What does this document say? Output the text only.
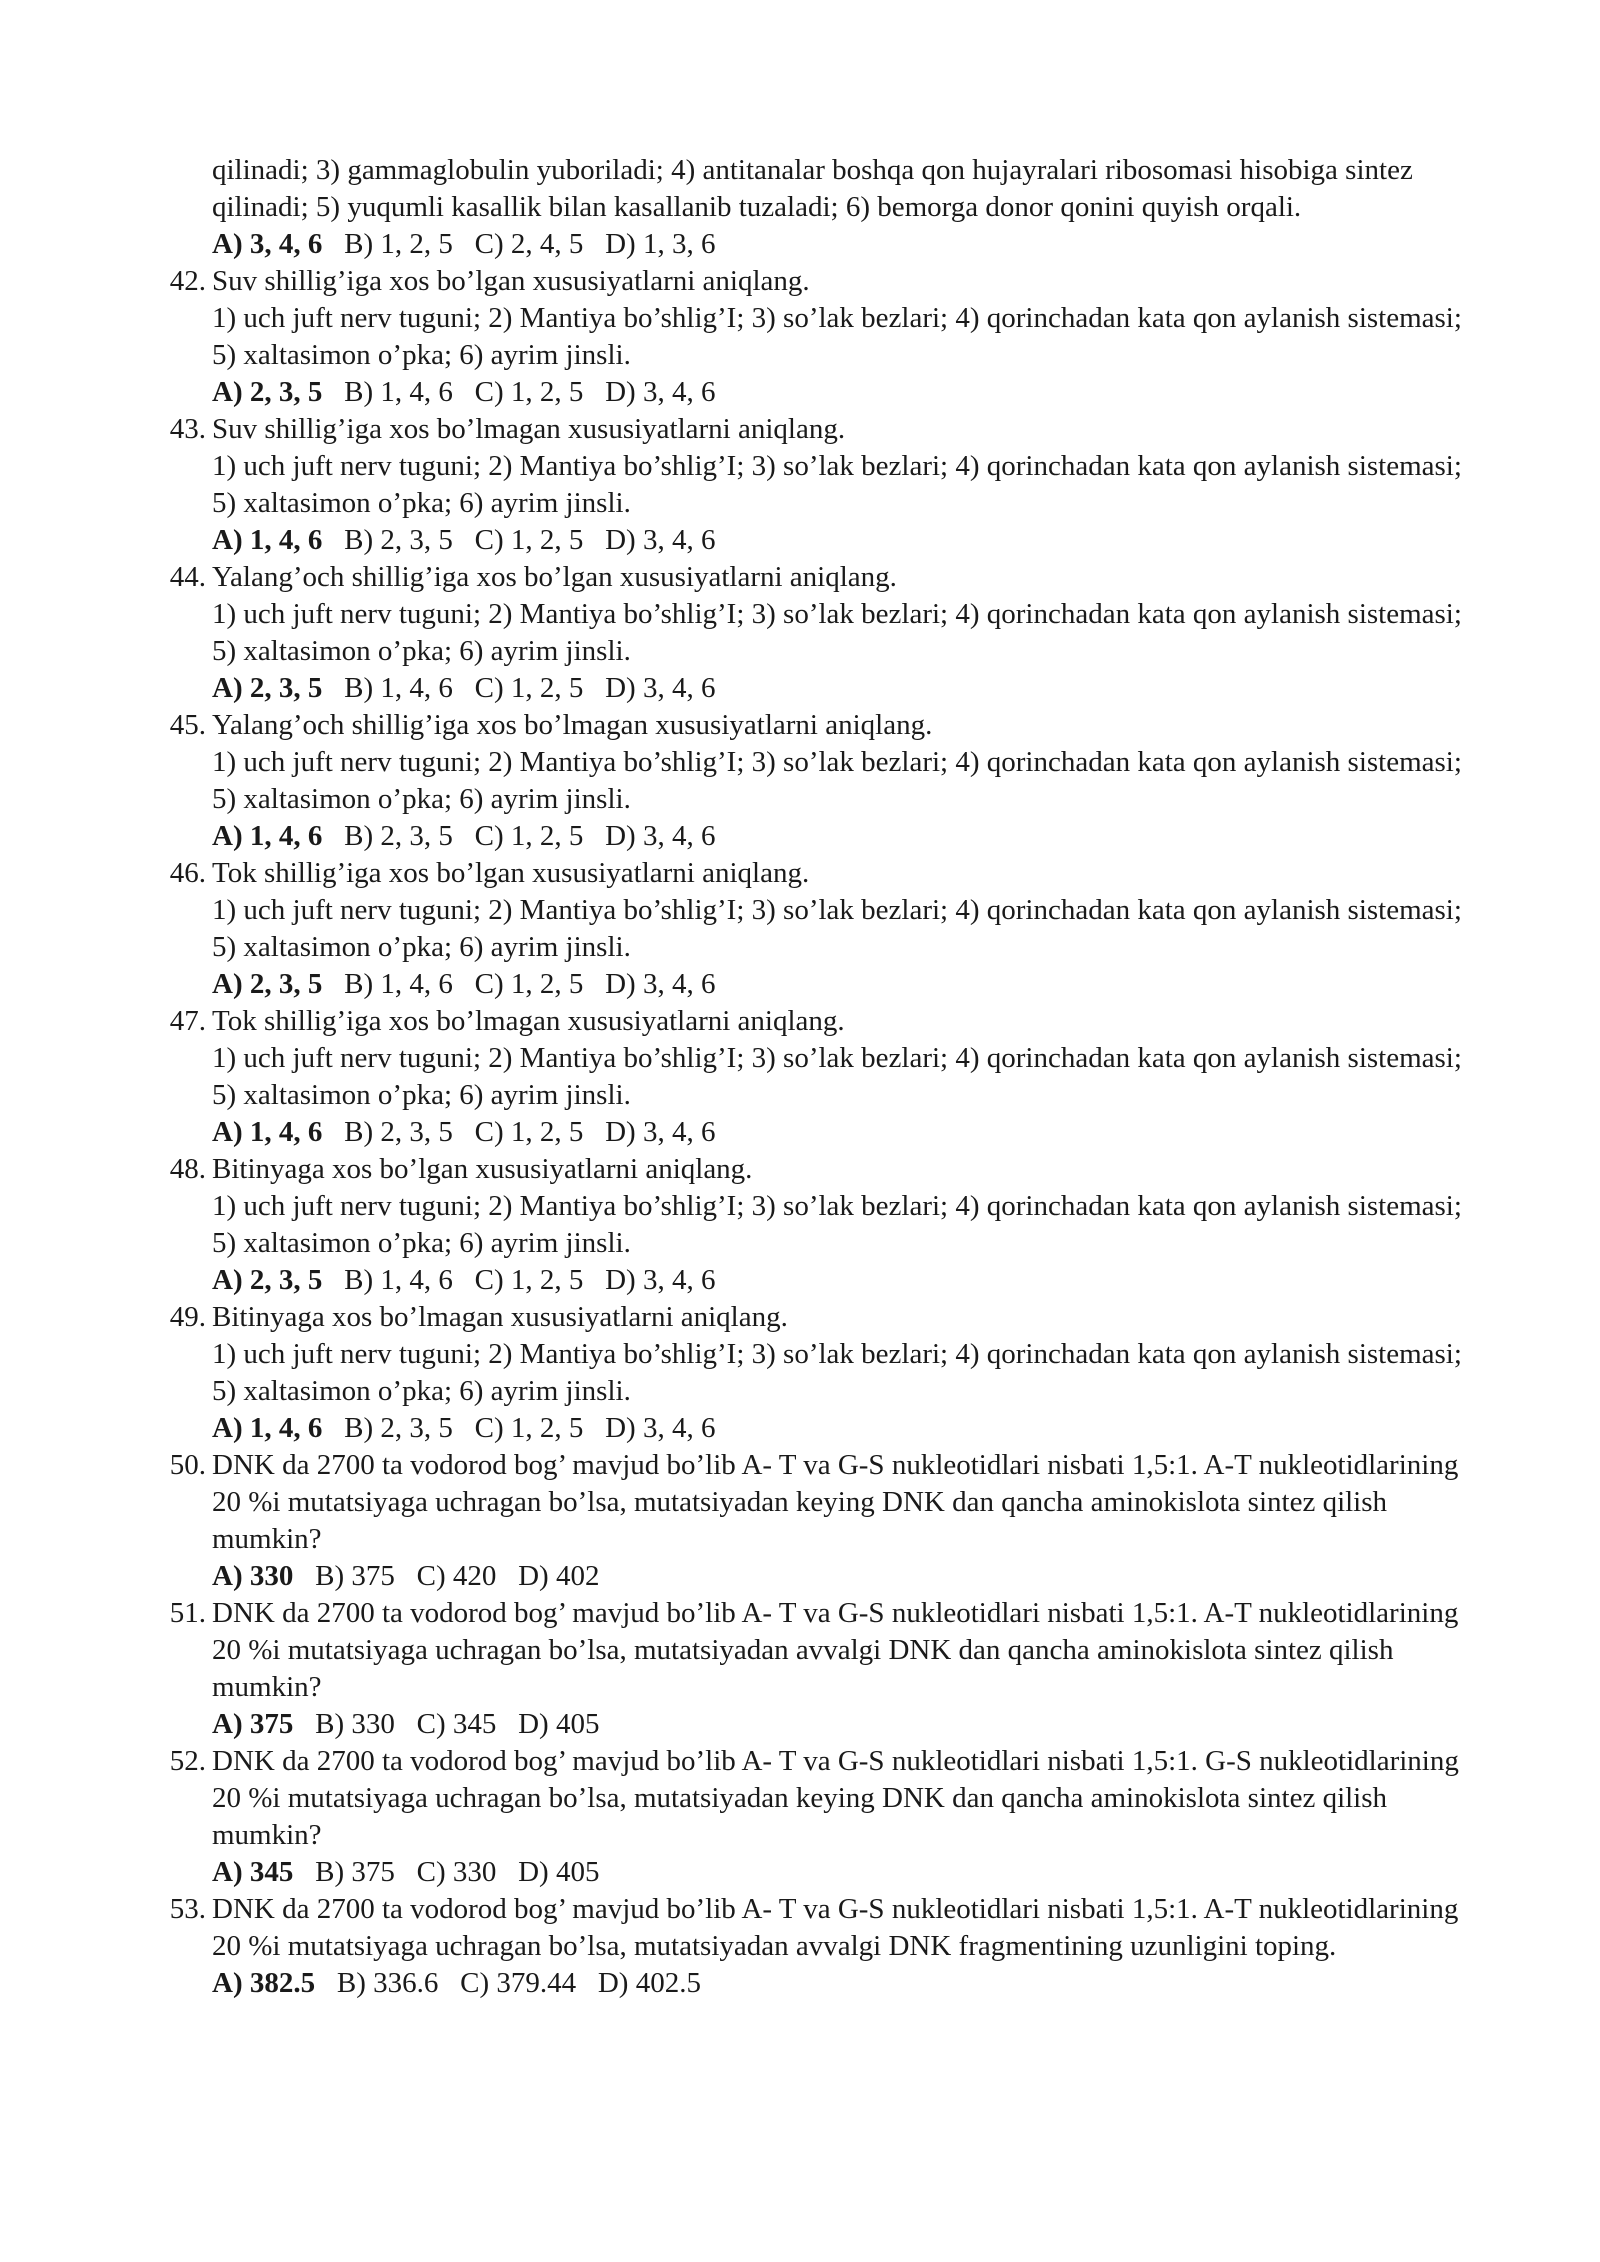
qilinadi; 3) gammaglobulin yuboriladi; 4) antitanalar boshqa qon hujayralari ribosomasi hisobiga sintez qilinadi; 5) yuqumli kasallik bilan kasallanib tuzaladi; 6) bemorga donor qonini quyish orqali.
A) 3, 4, 6 B) 1, 2, 5 C) 2, 4, 5 D) 1, 3, 6
42. Suv shillig’iga xos bo’lgan xususiyatlarni aniqlang.
1) uch juft nerv tuguni; 2) Mantiya bo’shlig’I; 3) so’lak bezlari; 4) qorinchadan kata qon aylanish sistemasi; 5) xaltasimon o’pka; 6) ayrim jinsli.
A) 2, 3, 5 B) 1, 4, 6 C) 1, 2, 5 D) 3, 4, 6
43. Suv shillig’iga xos bo’lmagan xususiyatlarni aniqlang.
1) uch juft nerv tuguni; 2) Mantiya bo’shlig’I; 3) so’lak bezlari; 4) qorinchadan kata qon aylanish sistemasi; 5) xaltasimon o’pka; 6) ayrim jinsli.
A) 1, 4, 6 B) 2, 3, 5 C) 1, 2, 5 D) 3, 4, 6
44. Yalang’och shillig’iga xos bo’lgan xususiyatlarni aniqlang.
1) uch juft nerv tuguni; 2) Mantiya bo’shlig’I; 3) so’lak bezlari; 4) qorinchadan kata qon aylanish sistemasi; 5) xaltasimon o’pka; 6) ayrim jinsli.
A) 2, 3, 5 B) 1, 4, 6 C) 1, 2, 5 D) 3, 4, 6
45. Yalang’och shillig’iga xos bo’lmagan xususiyatlarni aniqlang.
1) uch juft nerv tuguni; 2) Mantiya bo’shlig’I; 3) so’lak bezlari; 4) qorinchadan kata qon aylanish sistemasi; 5) xaltasimon o’pka; 6) ayrim jinsli.
A) 1, 4, 6 B) 2, 3, 5 C) 1, 2, 5 D) 3, 4, 6
46. Tok shillig’iga xos bo’lgan xususiyatlarni aniqlang.
1) uch juft nerv tuguni; 2) Mantiya bo’shlig’I; 3) so’lak bezlari; 4) qorinchadan kata qon aylanish sistemasi; 5) xaltasimon o’pka; 6) ayrim jinsli.
A) 2, 3, 5 B) 1, 4, 6 C) 1, 2, 5 D) 3, 4, 6
47. Tok shillig’iga xos bo’lmagan xususiyatlarni aniqlang.
1) uch juft nerv tuguni; 2) Mantiya bo’shlig’I; 3) so’lak bezlari; 4) qorinchadan kata qon aylanish sistemasi; 5) xaltasimon o’pka; 6) ayrim jinsli.
A) 1, 4, 6 B) 2, 3, 5 C) 1, 2, 5 D) 3, 4, 6
48. Bitinyaga xos bo’lgan xususiyatlarni aniqlang.
1) uch juft nerv tuguni; 2) Mantiya bo’shlig’I; 3) so’lak bezlari; 4) qorinchadan kata qon aylanish sistemasi; 5) xaltasimon o’pka; 6) ayrim jinsli.
A) 2, 3, 5 B) 1, 4, 6 C) 1, 2, 5 D) 3, 4, 6
49. Bitinyaga xos bo’lmagan xususiyatlarni aniqlang.
1) uch juft nerv tuguni; 2) Mantiya bo’shlig’I; 3) so’lak bezlari; 4) qorinchadan kata qon aylanish sistemasi; 5) xaltasimon o’pka; 6) ayrim jinsli.
A) 1, 4, 6 B) 2, 3, 5 C) 1, 2, 5 D) 3, 4, 6
50. DNK da 2700 ta vodorod bog’ mavjud bo’lib A- T va G-S nukleotidlari nisbati 1,5:1. A-T nukleotidlarining 20 %i mutatsiyaga uchragan bo’lsa, mutatsiyadan keying DNK dan qancha aminokislota sintez qilish mumkin?
A) 330 B) 375 C) 420 D) 402
51. DNK da 2700 ta vodorod bog’ mavjud bo’lib A- T va G-S nukleotidlari nisbati 1,5:1. A-T nukleotidlarining 20 %i mutatsiyaga uchragan bo’lsa, mutatsiyadan avvalgi DNK dan qancha aminokislota sintez qilish mumkin?
A) 375 B) 330 C) 345 D) 405
52. DNK da 2700 ta vodorod bog’ mavjud bo’lib A- T va G-S nukleotidlari nisbati 1,5:1. G-S nukleotidlarining 20 %i mutatsiyaga uchragan bo’lsa, mutatsiyadan keying DNK dan qancha aminokislota sintez qilish mumkin?
A) 345 B) 375 C) 330 D) 405
53. DNK da 2700 ta vodorod bog’ mavjud bo’lib A- T va G-S nukleotidlari nisbati 1,5:1. A-T nukleotidlarining 20 %i mutatsiyaga uchragan bo’lsa, mutatsiyadan avvalgi DNK fragmentining uzunligini toping.
A) 382.5 B) 336.6 C) 379.44 D) 402.5
